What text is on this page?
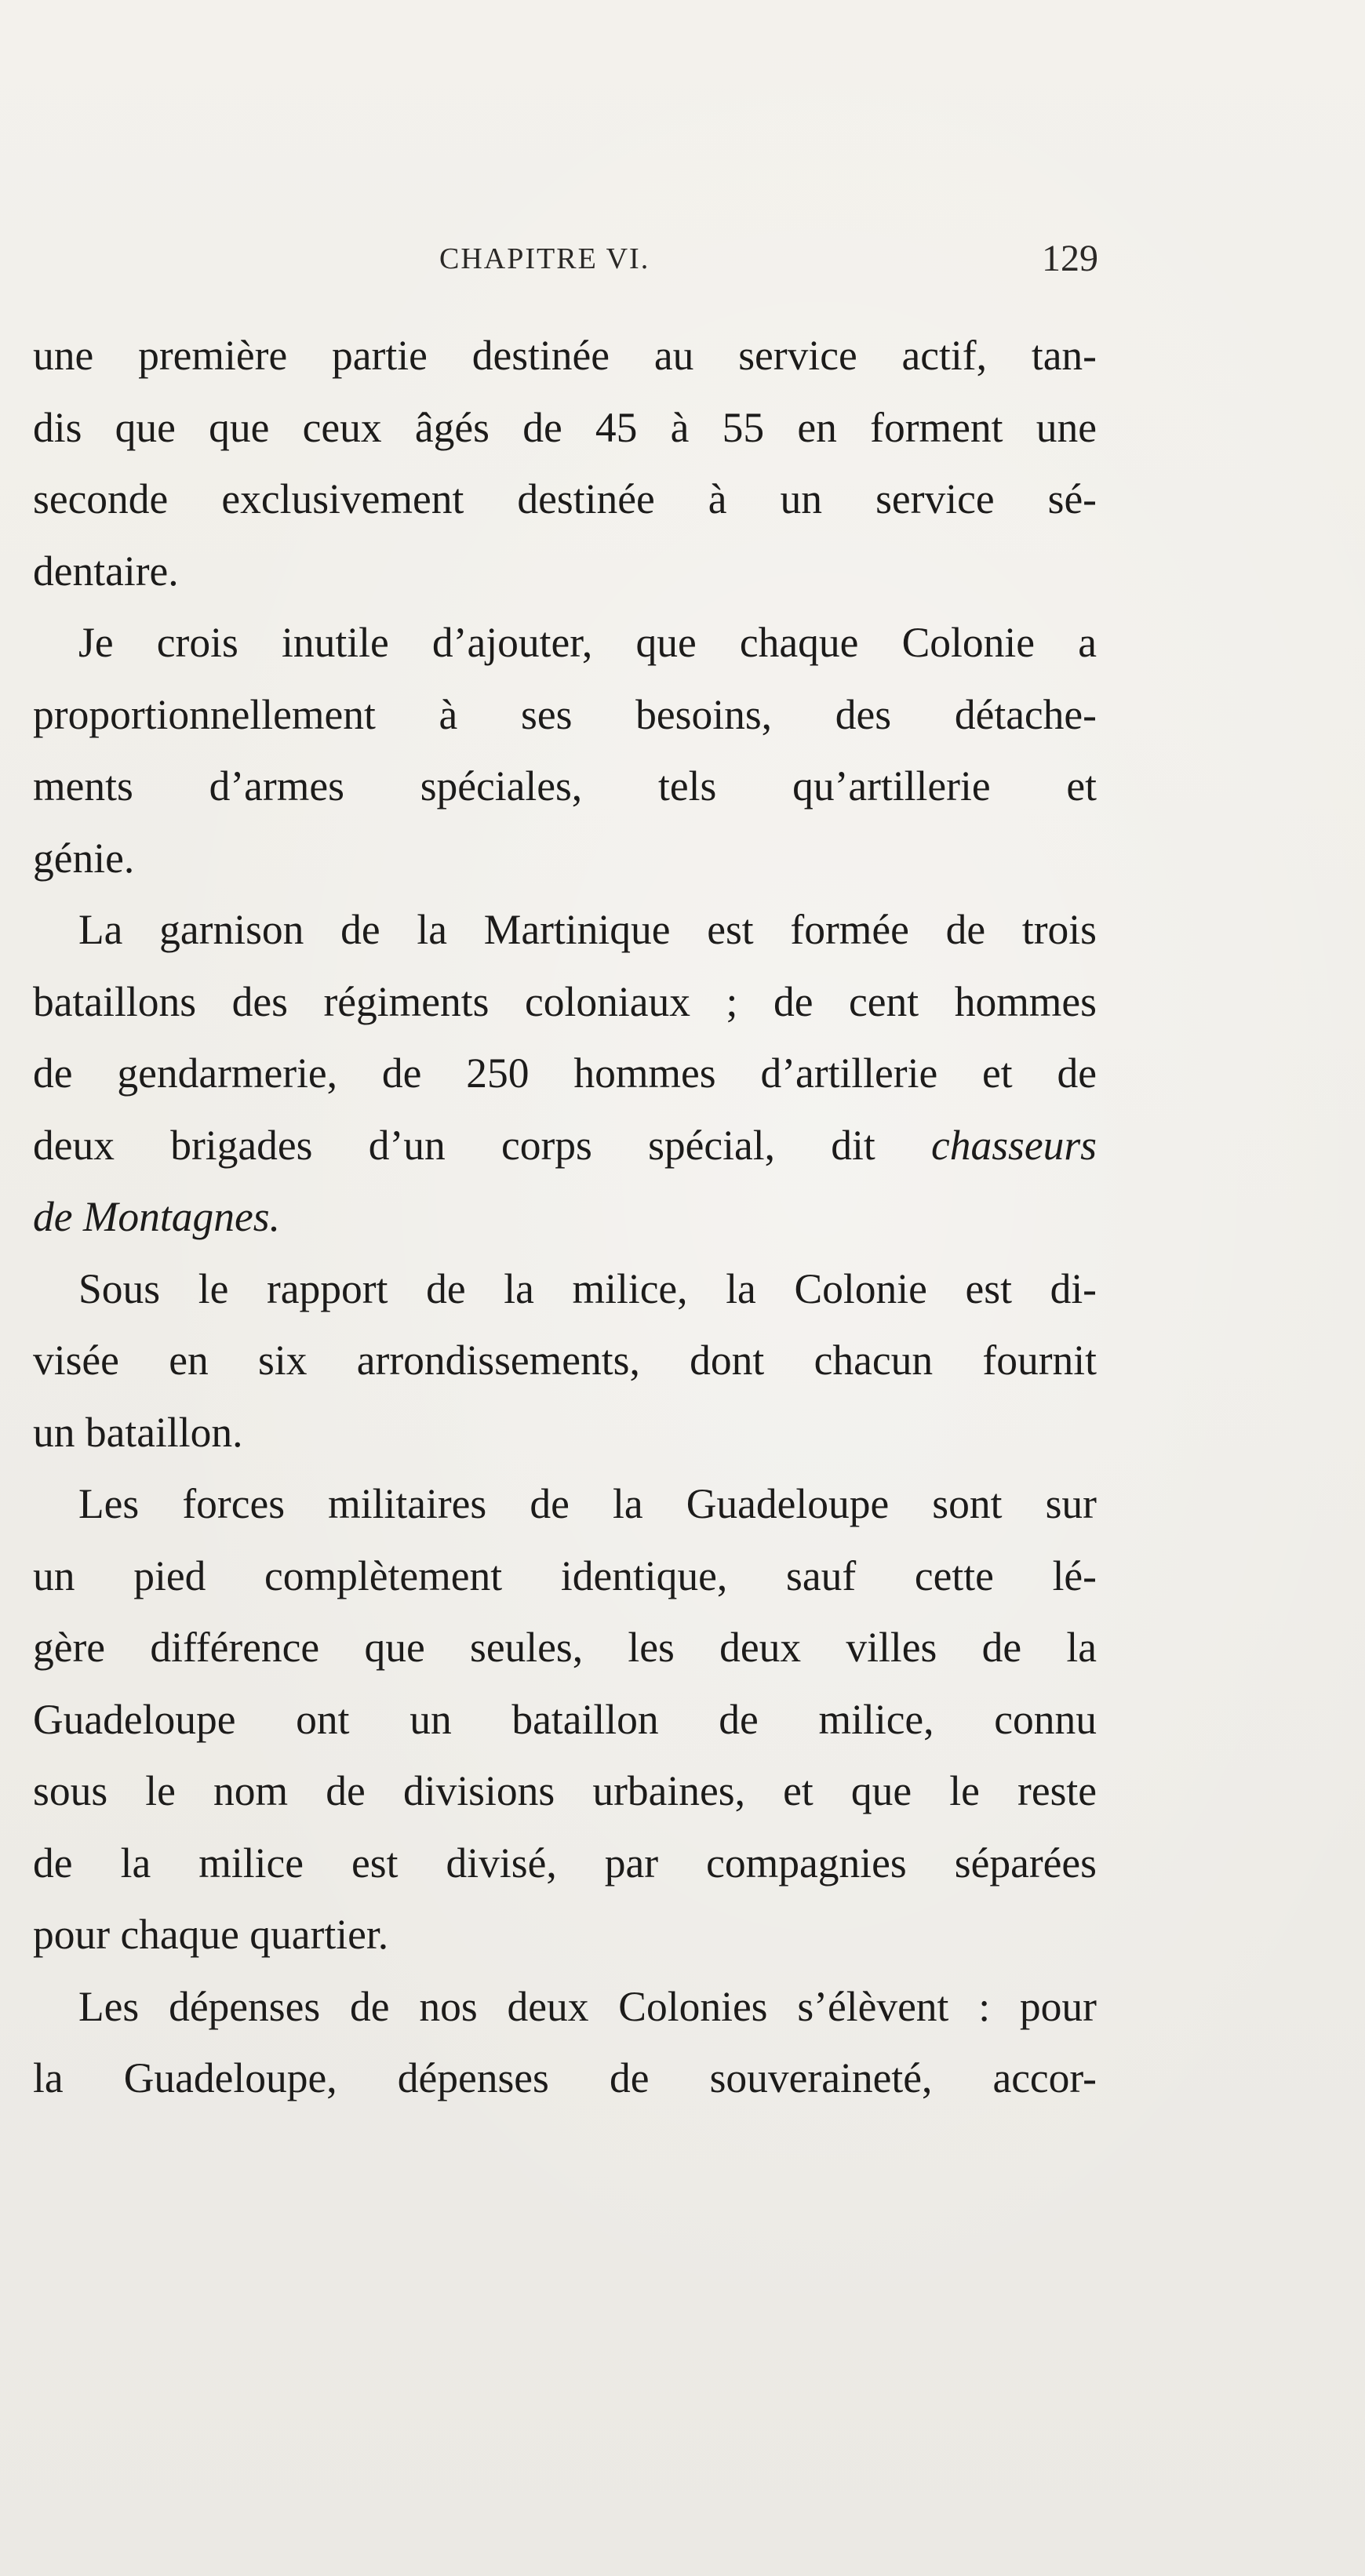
CHAPITRE VI.	129
une première partie destinée au service actif, tan-
dis que que ceux âgés de 45 à 55 en forment une
seconde exclusivement destinée à un service sé-
dentaire.
Je crois inutile d’ajouter, que chaque Colonie a
proportionnellement à ses besoins, des détache-
ments d’armes spéciales, tels qu’artillerie et
génie.
La garnison de la Martinique est formée de trois
bataillons des régiments coloniaux ; de cent hommes
de gendarmerie, de 250 hommes d’artillerie et de
deux brigades d’un corps spécial, dit chasseurs
de Montagnes.
Sous le rapport de la milice, la Colonie est di-
visée en six arrondissements, dont chacun fournit
un bataillon.
Les forces militaires de la Guadeloupe sont sur
un pied complètement identique, sauf cette lé-
gère différence que seules, les deux villes de la
Guadeloupe ont un bataillon de milice, connu
sous le nom de divisions urbaines, et que le reste
de la milice est divisé, par compagnies séparées
pour chaque quartier.
Les dépenses de nos deux Colonies s’élèvent : pour
la Guadeloupe, dépenses de souveraineté, accor-
